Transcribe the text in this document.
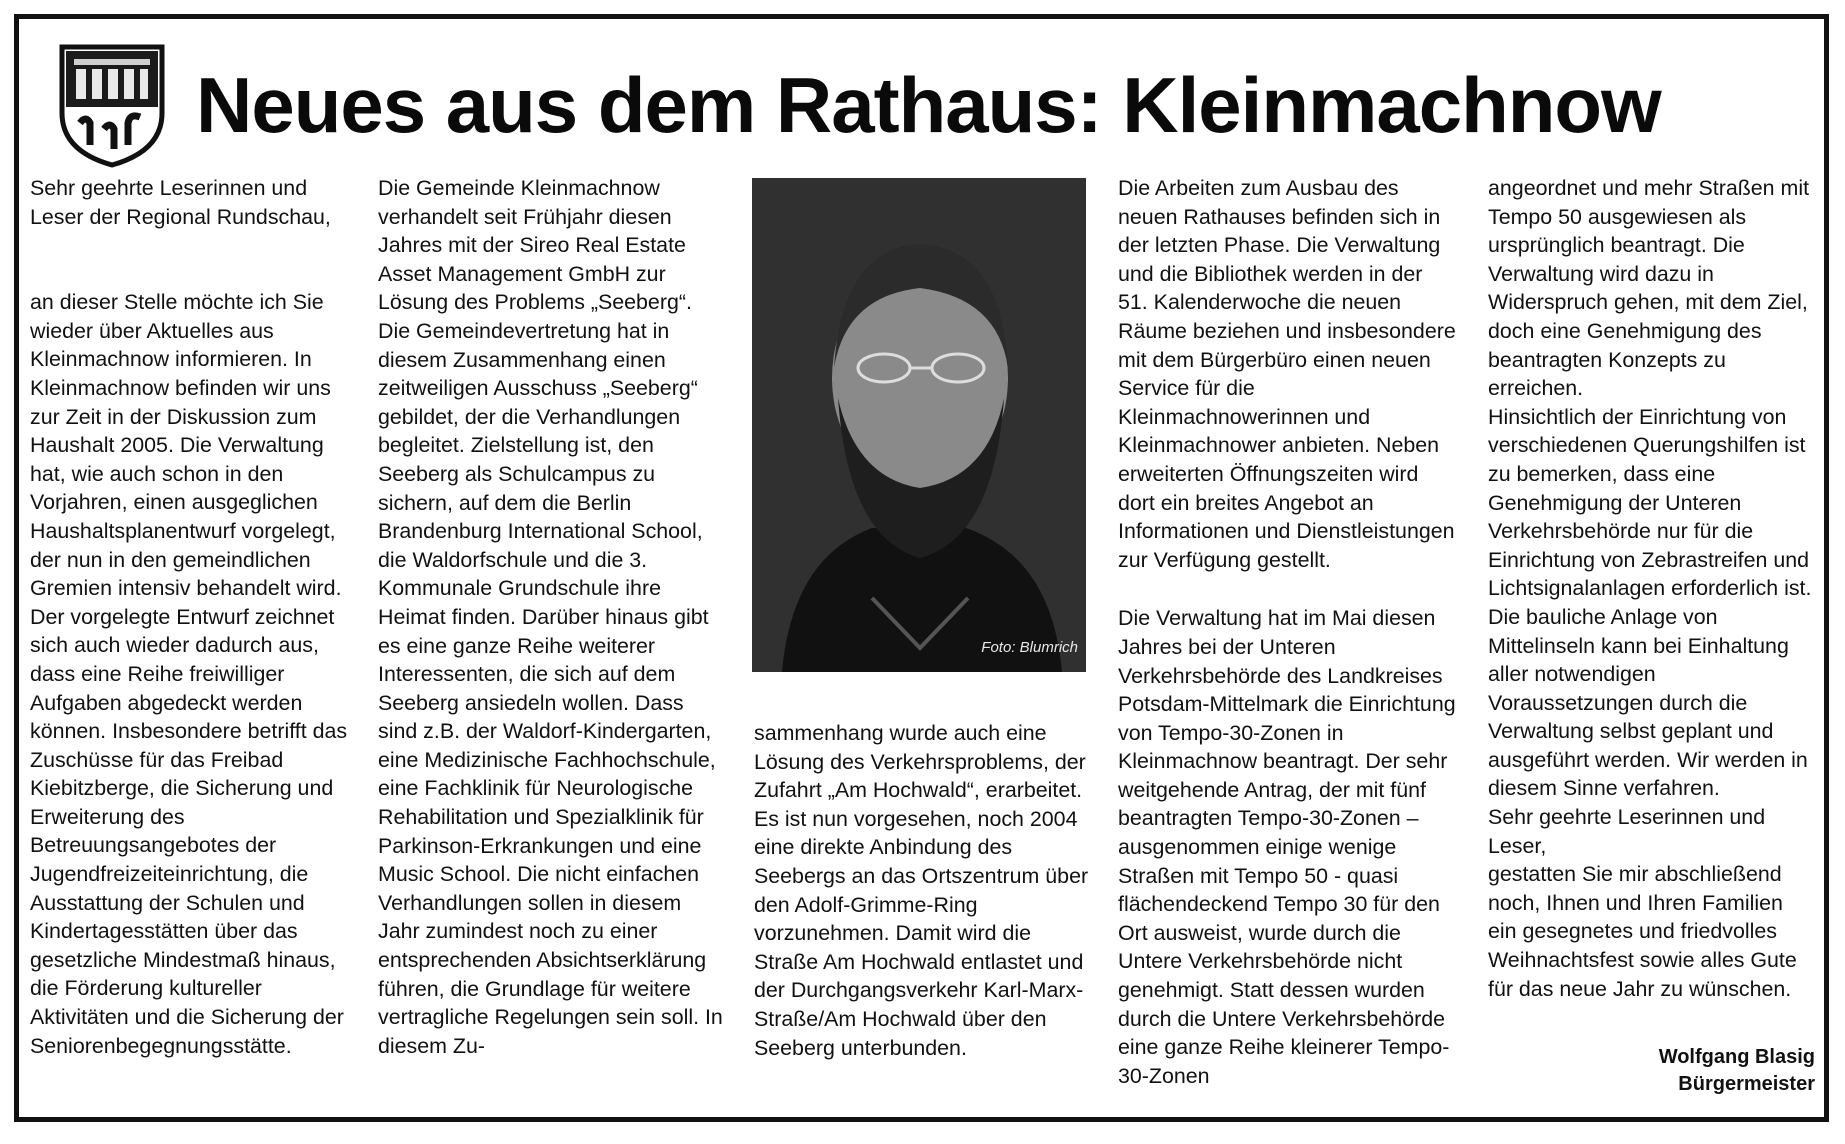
Neues aus dem Rathaus: Kleinmachnow

Sehr geehrte Leserinnen und Leser der Regional Rundschau,

an dieser Stelle möchte ich Sie wieder über Aktuelles aus Kleinmachnow informieren. In Kleinmachnow befinden wir uns zur Zeit in der Diskussion zum Haushalt 2005. Die Verwaltung hat, wie auch schon in den Vorjahren, einen ausgeglichen Haushaltsplanentwurf vorgelegt, der nun in den gemeindlichen Gremien intensiv behandelt wird. Der vorgelegte Entwurf zeichnet sich auch wieder dadurch aus, dass eine Reihe freiwilliger Aufgaben abgedeckt werden können. Insbesondere betrifft das Zuschüsse für das Freibad Kiebitzberge, die Sicherung und Erweiterung des Betreuungsangebotes der Jugendfreizeiteinrichtung, die Ausstattung der Schulen und Kindertagesstätten über das gesetzliche Mindestmaß hinaus, die Förderung kultureller Aktivitäten und die Sicherung der Seniorenbegegnungsstätte.

Die Gemeinde Kleinmachnow verhandelt seit Frühjahr diesen Jahres mit der Sireo Real Estate Asset Management GmbH zur Lösung des Problems „Seeberg“. Die Gemeindevertretung hat in diesem Zusammenhang einen zeitweiligen Ausschuss „Seeberg“ gebildet, der die Verhandlungen begleitet. Zielstellung ist, den Seeberg als Schulcampus zu sichern, auf dem die Berlin Brandenburg International School, die Waldorfschule und die 3. Kommunale Grundschule ihre Heimat finden. Darüber hinaus gibt es eine ganze Reihe weiterer Interessenten, die sich auf dem Seeberg ansiedeln wollen. Dass sind z.B. der Waldorf-Kindergarten, eine Medizinische Fachhochschule, eine Fachklinik für Neurologische Rehabilitation und Spezialklinik für Parkinson-Erkrankungen und eine Music School. Die nicht einfachen Verhandlungen sollen in diesem Jahr zumindest noch zu einer entsprechenden Absichtserklärung führen, die Grundlage für weitere vertragliche Regelungen sein soll. In diesem Zu-

Foto: Blumrich

sammenhang wurde auch eine Lösung des Verkehrsproblems, der Zufahrt „Am Hochwald“, erarbeitet.

Es ist nun vorgesehen, noch 2004 eine direkte Anbindung des Seebergs an das Ortszentrum über den Adolf-Grimme-Ring vorzunehmen. Damit wird die Straße Am Hochwald entlastet und der Durchgangsverkehr Karl-Marx-Straße/Am Hochwald über den Seeberg unterbunden.

Die Arbeiten zum Ausbau des neuen Rathauses befinden sich in der letzten Phase. Die Verwaltung und die Bibliothek werden in der 51. Kalenderwoche die neuen Räume beziehen und insbesondere mit dem Bürgerbüro einen neuen Service für die Kleinmachnowerinnen und Kleinmachnower anbieten. Neben erweiterten Öffnungszeiten wird dort ein breites Angebot an Informationen und Dienstleistungen zur Verfügung gestellt.

Die Verwaltung hat im Mai diesen Jahres bei der Unteren Verkehrsbehörde des Landkreises Potsdam-Mittelmark die Einrichtung von Tempo-30-Zonen in Kleinmachnow beantragt. Der sehr weitgehende Antrag, der mit fünf beantragten Tempo-30-Zonen – ausgenommen einige wenige Straßen mit Tempo 50 - quasi flächendeckend Tempo 30 für den Ort ausweist, wurde durch die Untere Verkehrsbehörde nicht genehmigt. Statt dessen wurden durch die Untere Verkehrsbehörde eine ganze Reihe kleinerer Tempo-30-Zonen

angeordnet und mehr Straßen mit Tempo 50 ausgewiesen als ursprünglich beantragt. Die Verwaltung wird dazu in Widerspruch gehen, mit dem Ziel, doch eine Genehmigung des beantragten Konzepts zu erreichen.

Hinsichtlich der Einrichtung von verschiedenen Querungshilfen ist zu bemerken, dass eine Genehmigung der Unteren Verkehrsbehörde nur für die Einrichtung von Zebrastreifen und Lichtsignalanlagen erforderlich ist. Die bauliche Anlage von Mittelinseln kann bei Einhaltung aller notwendigen Voraussetzungen durch die Verwaltung selbst geplant und ausgeführt werden. Wir werden in diesem Sinne verfahren.

Sehr geehrte Leserinnen und Leser,

gestatten Sie mir abschließend noch, Ihnen und Ihren Familien ein gesegnetes und friedvolles Weihnachtsfest sowie alles Gute für das neue Jahr zu wünschen.

Wolfgang Blasig

Bürgermeister
